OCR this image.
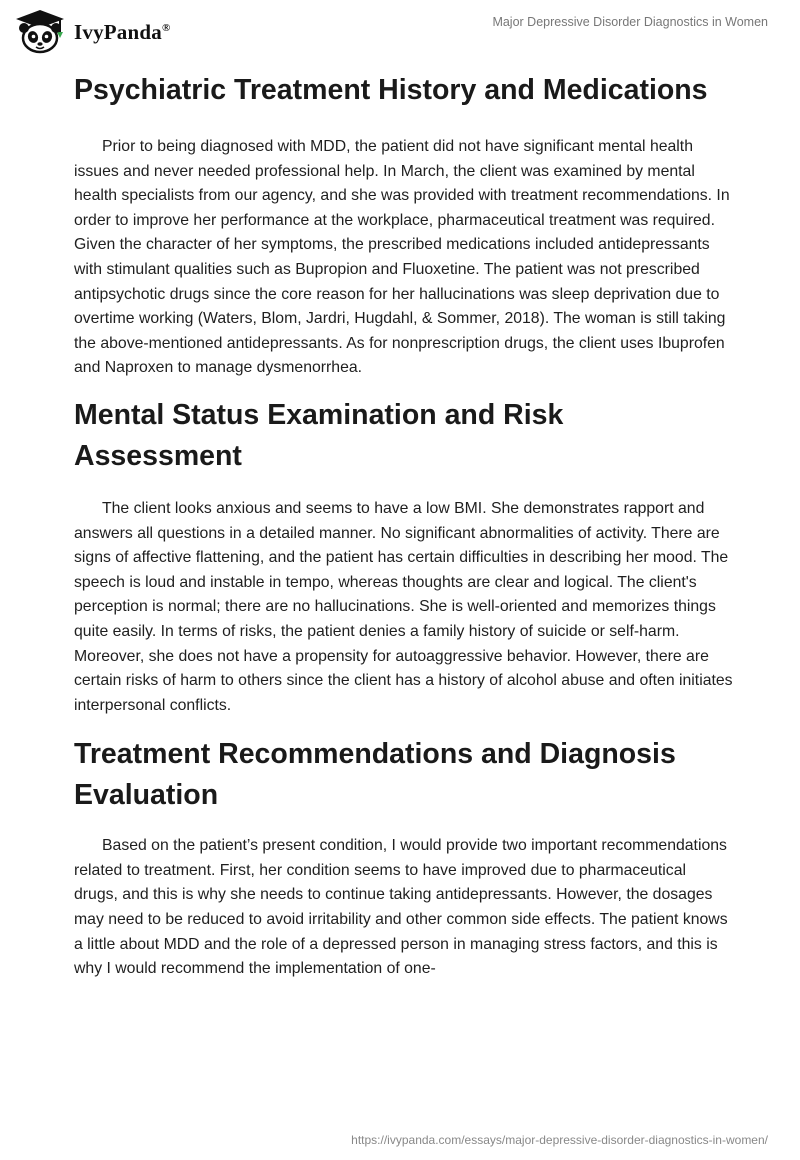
IvyPanda®	Major Depressive Disorder Diagnostics in Women
Psychiatric Treatment History and Medications

Prior to being diagnosed with MDD, the patient did not have significant mental health issues and never needed professional help. In March, the client was examined by mental health specialists from our agency, and she was provided with treatment recommendations. In order to improve her performance at the workplace, pharmaceutical treatment was required. Given the character of her symptoms, the prescribed medications included antidepressants with stimulant qualities such as Bupropion and Fluoxetine. The patient was not prescribed antipsychotic drugs since the core reason for her hallucinations was sleep deprivation due to overtime working (Waters, Blom, Jardri, Hugdahl, & Sommer, 2018). The woman is still taking the above-mentioned antidepressants. As for nonprescription drugs, the client uses Ibuprofen and Naproxen to manage dysmenorrhea.

Mental Status Examination and Risk Assessment

The client looks anxious and seems to have a low BMI. She demonstrates rapport and answers all questions in a detailed manner. No significant abnormalities of activity. There are signs of affective flattening, and the patient has certain difficulties in describing her mood. The speech is loud and instable in tempo, whereas thoughts are clear and logical. The client's perception is normal; there are no hallucinations. She is well-oriented and memorizes things quite easily. In terms of risks, the patient denies a family history of suicide or self-harm. Moreover, she does not have a propensity for autoaggressive behavior. However, there are certain risks of harm to others since the client has a history of alcohol abuse and often initiates interpersonal conflicts.

Treatment Recommendations and Diagnosis Evaluation

Based on the patient’s present condition, I would provide two important recommendations related to treatment. First, her condition seems to have improved due to pharmaceutical drugs, and this is why she needs to continue taking antidepressants. However, the dosages may need to be reduced to avoid irritability and other common side effects. The patient knows a little about MDD and the role of a depressed person in managing stress factors, and this is why I would recommend the implementation of one-

https://ivypanda.com/essays/major-depressive-disorder-diagnostics-in-women/
